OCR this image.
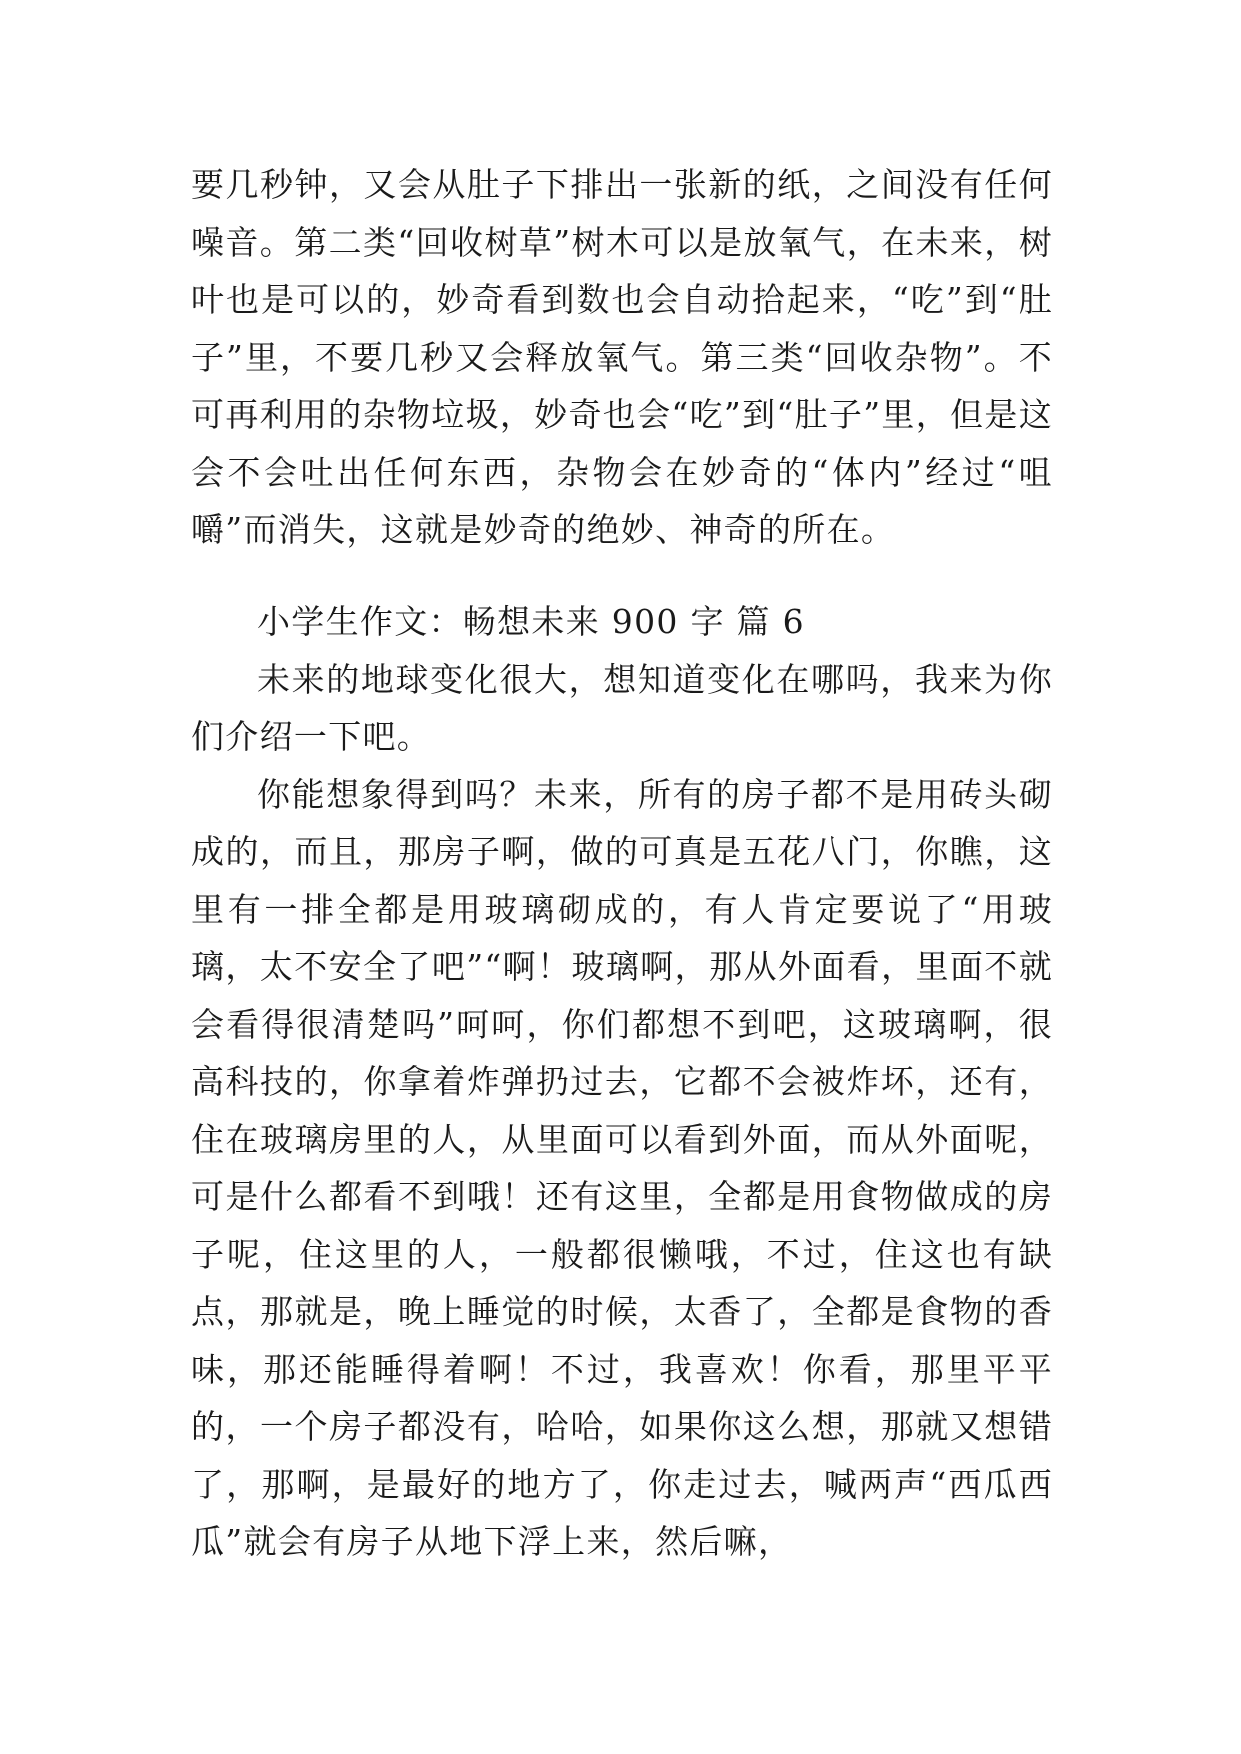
要几秒钟，又会从肚子下排出一张新的纸，之间没有任何噪音。第二类“回收树草”树木可以是放氧气，在未来，树叶也是可以的，妙奇看到数也会自动拾起来，“吃”到“肚子”里，不要几秒又会释放氧气。第三类“回收杂物”。不可再利用的杂物垃圾，妙奇也会“吃”到“肚子”里，但是这会不会吐出任何东西，杂物会在妙奇的“体内”经过“咀嚼”而消失，这就是妙奇的绝妙、神奇的所在。

小学生作文：畅想未来 900 字 篇 6

未来的地球变化很大，想知道变化在哪吗，我来为你们介绍一下吧。

你能想象得到吗？未来，所有的房子都不是用砖头砌成的，而且，那房子啊，做的可真是五花八门，你瞧，这里有一排全都是用玻璃砌成的，有人肯定要说了“用玻璃，太不安全了吧”“啊！玻璃啊，那从外面看，里面不就会看得很清楚吗”呵呵，你们都想不到吧，这玻璃啊，很高科技的，你拿着炸弹扔过去，它都不会被炸坏，还有，住在玻璃房里的人，从里面可以看到外面，而从外面呢，可是什么都看不到哦！还有这里，全都是用食物做成的房子呢，住这里的人，一般都很懒哦，不过，住这也有缺点，那就是，晚上睡觉的时候，太香了，全都是食物的香味，那还能睡得着啊！不过，我喜欢！你看，那里平平的，一个房子都没有，哈哈，如果你这么想，那就又想错了，那啊，是最好的地方了，你走过去，喊两声“西瓜西瓜”就会有房子从地下浮上来，然后嘛，
